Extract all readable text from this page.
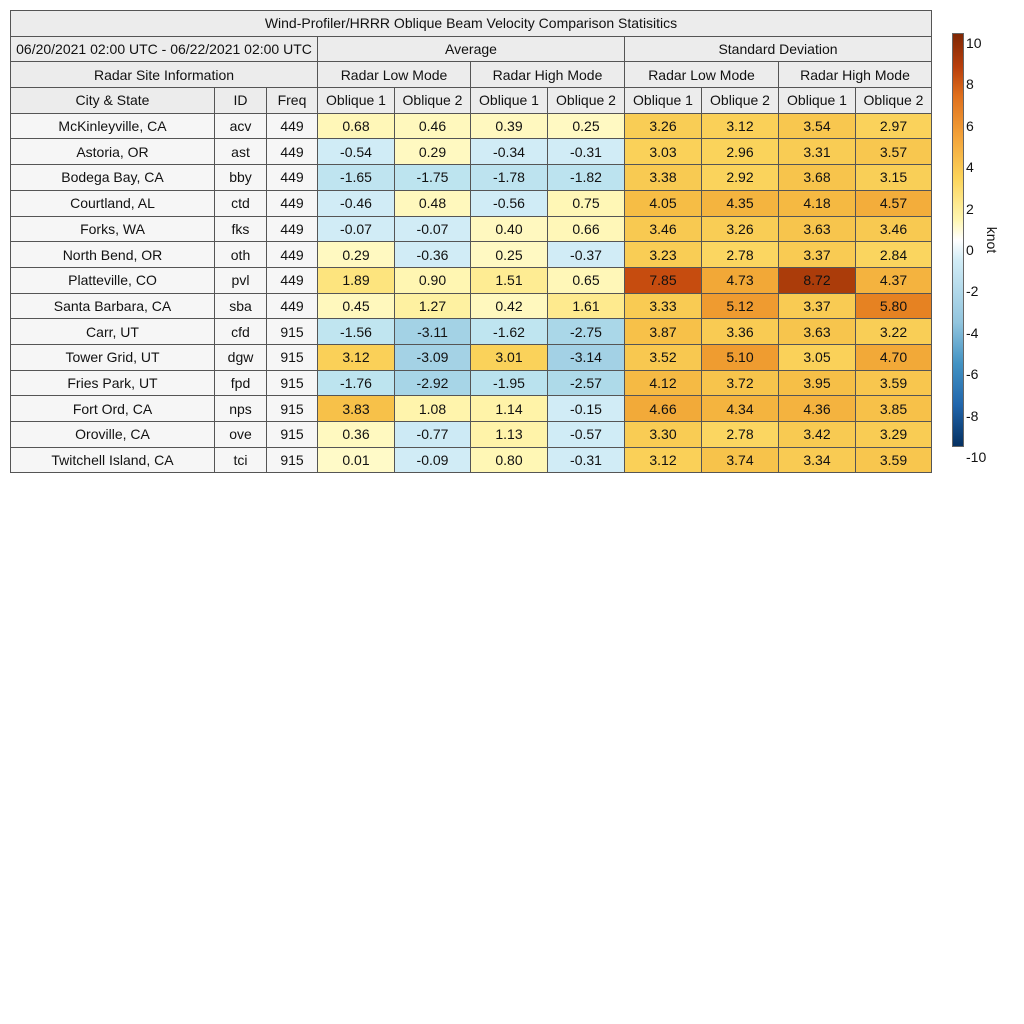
Wind-Profiler/HRRR Oblique Beam Velocity Comparison Statisitics										
06/20/2021 02:00 UTC - 06/22/2021 02:00 UTC			Average				Standard Deviation			
Radar Site Information			Radar Low Mode		Radar High Mode		Radar Low Mode		Radar High Mode	
City & State	ID	Freq	Oblique 1	Oblique 2	Oblique 1	Oblique 2	Oblique 1	Oblique 2	Oblique 1	Oblique 2
McKinleyville, CA	acv	449	0.68	0.46	0.39	0.25	3.26	3.12	3.54	2.97
Astoria, OR	ast	449	-0.54	0.29	-0.34	-0.31	3.03	2.96	3.31	3.57
Bodega Bay, CA	bby	449	-1.65	-1.75	-1.78	-1.82	3.38	2.92	3.68	3.15
Courtland, AL	ctd	449	-0.46	0.48	-0.56	0.75	4.05	4.35	4.18	4.57
Forks, WA	fks	449	-0.07	-0.07	0.40	0.66	3.46	3.26	3.63	3.46
North Bend, OR	oth	449	0.29	-0.36	0.25	-0.37	3.23	2.78	3.37	2.84
Platteville, CO	pvl	449	1.89	0.90	1.51	0.65	7.85	4.73	8.72	4.37
Santa Barbara, CA	sba	449	0.45	1.27	0.42	1.61	3.33	5.12	3.37	5.80
Carr, UT	cfd	915	-1.56	-3.11	-1.62	-2.75	3.87	3.36	3.63	3.22
Tower Grid, UT	dgw	915	3.12	-3.09	3.01	-3.14	3.52	5.10	3.05	4.70
Fries Park, UT	fpd	915	-1.76	-2.92	-1.95	-2.57	4.12	3.72	3.95	3.59
Fort Ord, CA	nps	915	3.83	1.08	1.14	-0.15	4.66	4.34	4.36	3.85
Oroville, CA	ove	915	0.36	-0.77	1.13	-0.57	3.30	2.78	3.42	3.29
Twitchell Island, CA	tci	915	0.01	-0.09	0.80	-0.31	3.12	3.74	3.34	3.59
10
8
6
4
2
0
-2
-4
-6
-8
-10
knot
